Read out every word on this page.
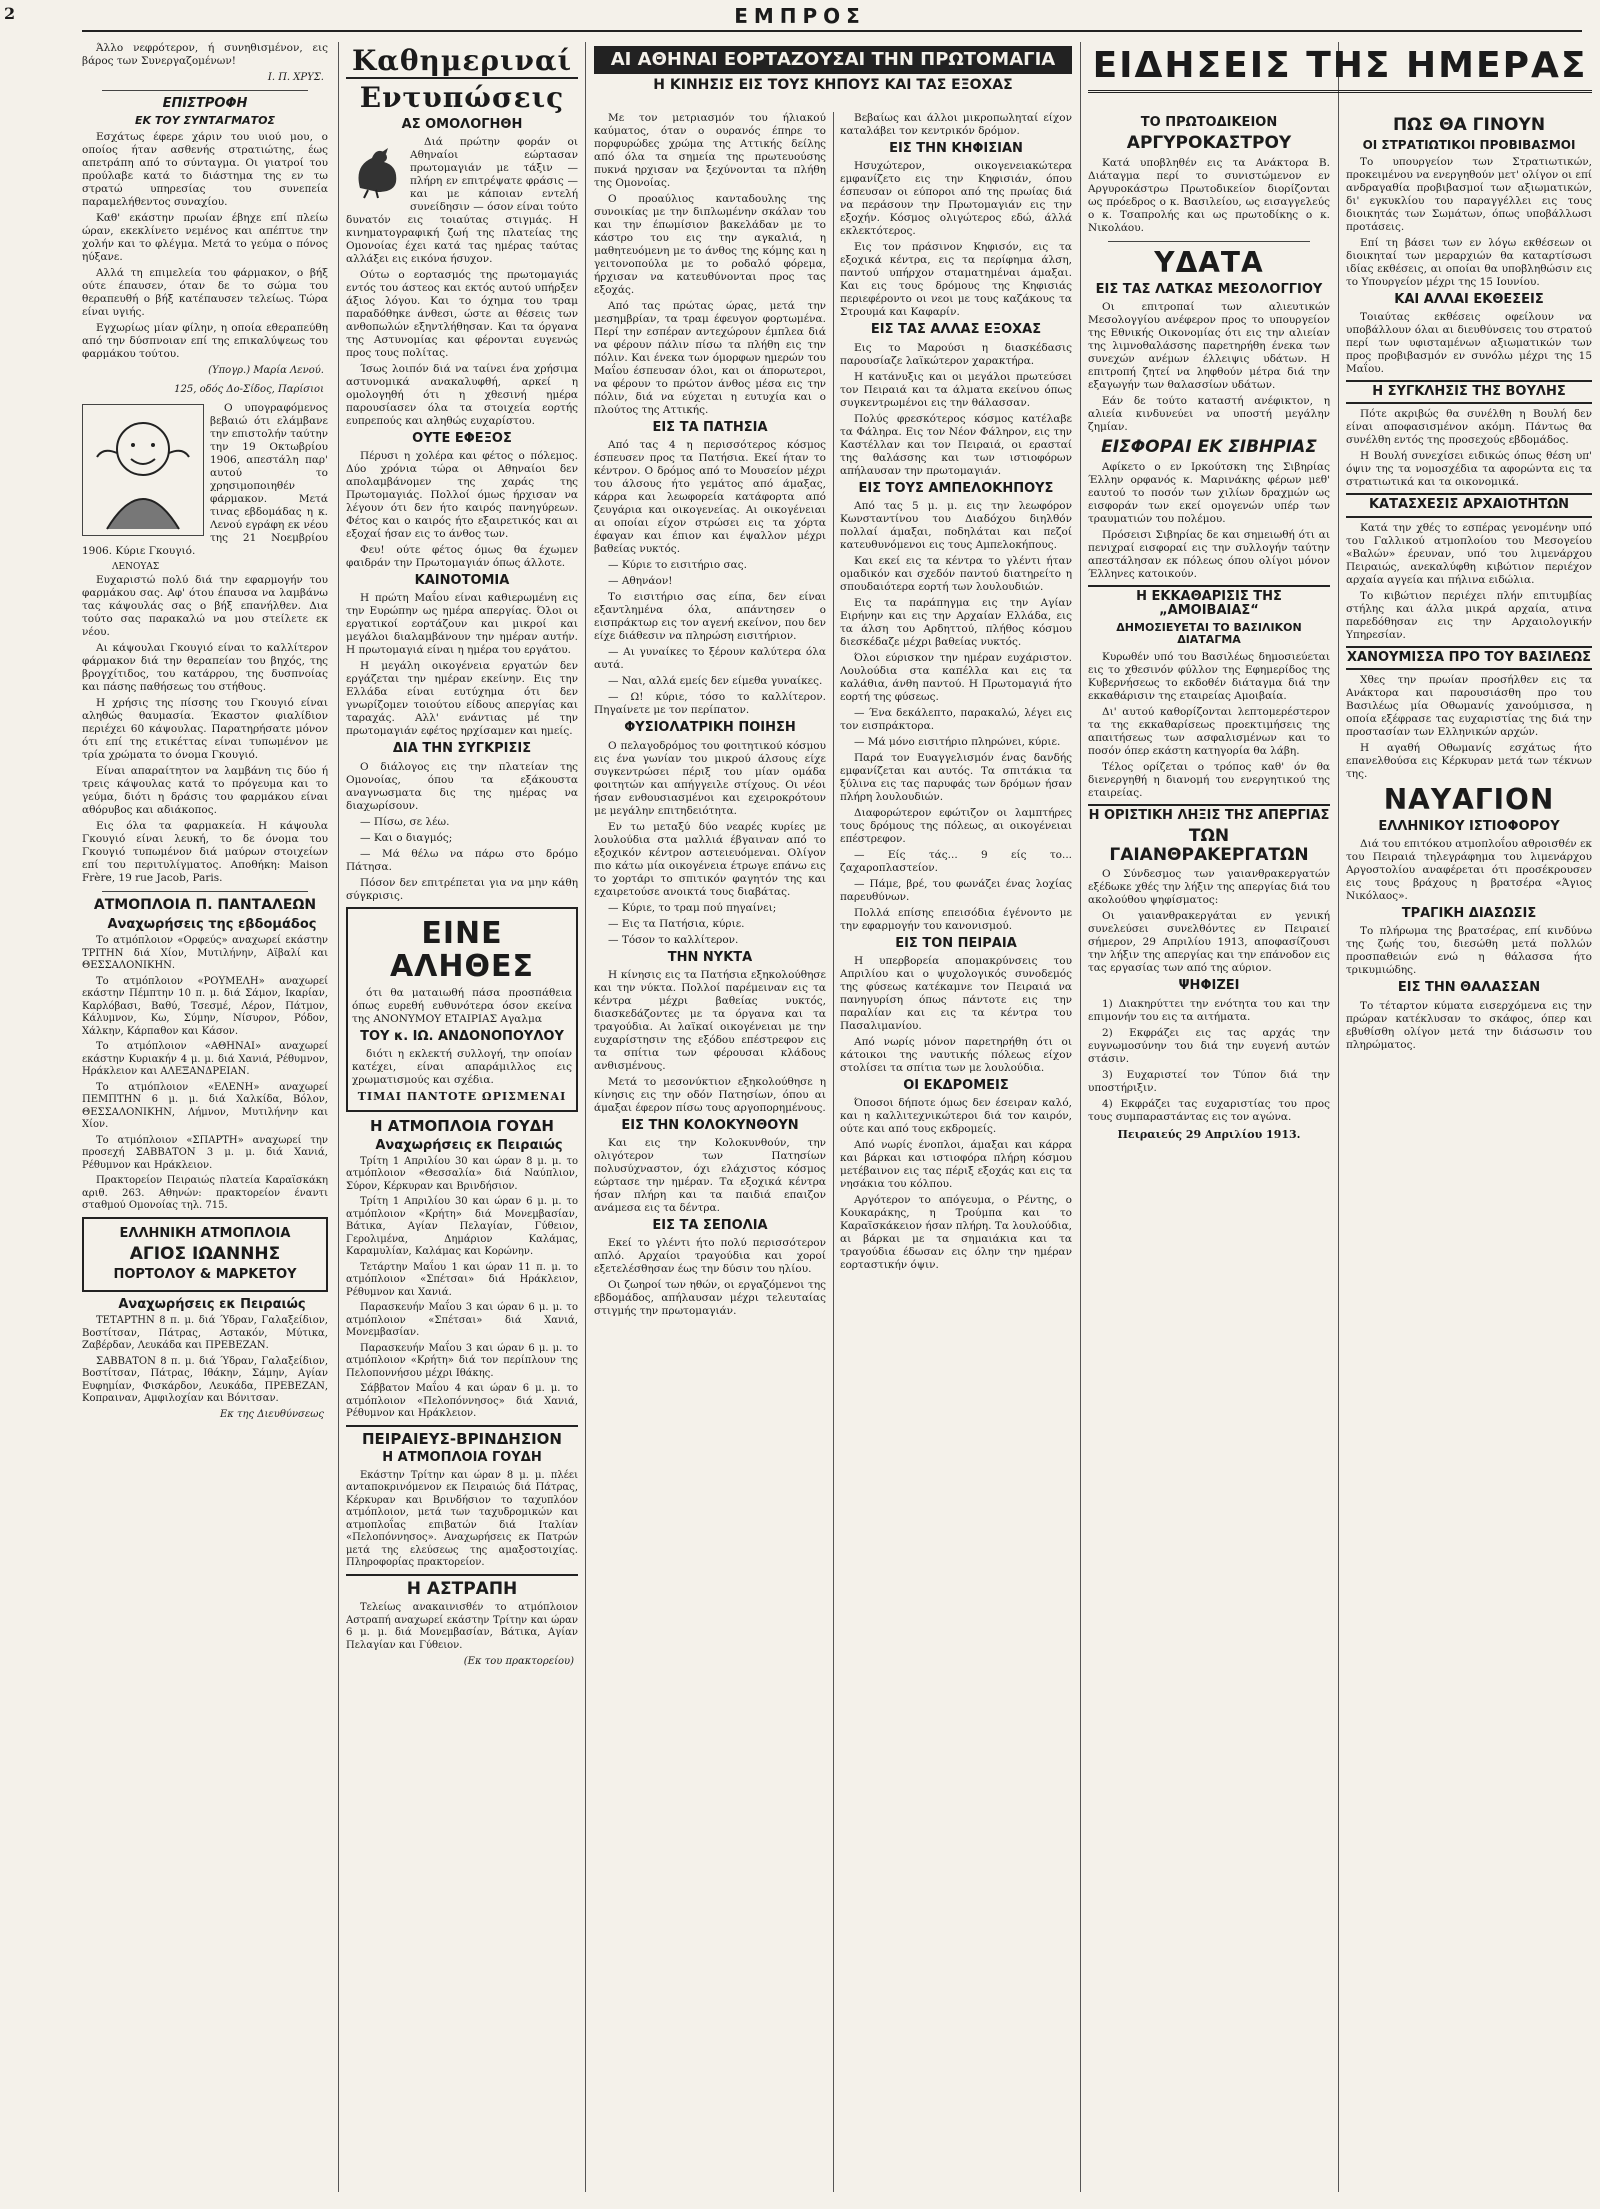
2	ΕΜΠΡΟΣ

Άλλο νεφρότερον, ή συνηθισμένον, εις βάρος των Συνεργαζομένων!

Ι. Π. ΧΡΥΣ.
ΕΠΙΣΤΡΟΦΗ
ΕΚ ΤΟΥ ΣΥΝΤΑΓΜΑΤΟΣ

Εσχάτως έφερε χάριν του υιού μου, ο οποίος ήταν ασθενής στρατιώτης, έως απετράπη από το σύνταγμα. Οι γιατροί του προύλαβε κατά το διάστημα της εν τω στρατώ υπηρεσίας του συνεπεία παραμελήθεντος συναχίου.

Καθ' εκάστην πρωίαν έβηχε επί πλείω ώραν, εκεκλίνετο νεμένος και απέπτυε την χολήν και το φλέγμα. Μετά το γεύμα ο πόνος ηύξανε.

Αλλά τη επιμελεία του φάρμακον, ο βήξ ούτε έπαυσεν, όταν δε το σώμα του θεραπευθή ο βήξ κατέπαυσεν τελείως. Τώρα είναι υγιής.

Εγχωρίως μίαν φίλην, η οποία εθεραπεύθη από την δύσπνοιαν επί της επικαλύψεως του φαρμάκου τούτου.

(Υπογρ.) Μαρία Λενού.
125, οδός Δο-Σίδος, Παρίσιοι

Ο υπογραφόμενος βεβαιώ ότι ελάμβανε την επιστολήν ταύτην την 19 Οκτωβρίου 1906, απεστάλη παρ' αυτού το χρησιμοποιηθέν φάρμακον. Μετά τινας εβδομάδας η κ. Λενού εγράφη εκ νέου της 21 Νοεμβρίου 1906. Κύριε Γκουγιό.

ΛΕΝΟΥΑΣ

Ευχαριστώ πολύ διά την εφαρμογήν του φαρμάκου σας. Αφ' ότου έπαυσα να λαμβάνω τας κάψουλάς σας ο βήξ επανήλθεν. Δια τούτο σας παρακαλώ να μου στείλετε εκ νέου.

Αι κάψουλαι Γκουγιό είναι το καλλίτερον φάρμακον διά την θεραπείαν του βηχός, της βρογχίτιδος, του κατάρρου, της δυσπνοίας και πάσης παθήσεως του στήθους.

Η χρήσις της πίσσης του Γκουγιό είναι αληθώς θαυμασία. Έκαστον φιαλίδιον περιέχει 60 κάψουλας. Παρατηρήσατε μόνον ότι επί της ετικέττας είναι τυπωμένον με τρία χρώματα το όνομα Γκουγιό.

Είναι απαραίτητον να λαμβάνη τις δύο ή τρεις κάψουλας κατά το πρόγευμα και το γεύμα, διότι η δράσις του φαρμάκου είναι αθόρυβος και αδιάκοπος.

Εις όλα τα φαρμακεία. Η κάψουλα Γκουγιό είναι λευκή, το δε όνομα του Γκουγιό τυπωμένον διά μαύρων στοιχείων επί του περιτυλίγματος. Αποθήκη: Maison Frère, 19 rue Jacob, Paris.

ΑΤΜΟΠΛΟΙΑ Π. ΠΑΝΤΑΛΕΩΝ

Αναχωρήσεις της εβδομάδος

Το ατμόπλοιον «Ορφεύς» αναχωρεί εκάστην ΤΡΙΤΗΝ διά Χίον, Μυτιλήνην, Αϊβαλί και ΘΕΣΣΑΛΟΝΙΚΗΝ.

Το ατμόπλοιον «ΡΟΥΜΕΛΗ» αναχωρεί εκάστην Πέμπτην 10 π. μ. διά Σάμον, Ικαρίαν, Καρλόβασι, Βαθύ, Τσεσμέ, Λέρον, Πάτμον, Κάλυμνον, Κω, Σύμην, Νίσυρον, Ρόδον, Χάλκην, Κάρπαθον και Κάσον.

Το ατμόπλοιον «ΑΘΗΝΑΙ» αναχωρεί εκάστην Κυριακήν 4 μ. μ. διά Χανιά, Ρέθυμνον, Ηράκλειον και ΑΛΕΞΑΝΔΡΕΙΑΝ.

Το ατμόπλοιον «ΕΛΕΝΗ» αναχωρεί ΠΕΜΠΤΗΝ 6 μ. μ. διά Χαλκίδα, Βόλον, ΘΕΣΣΑΛΟΝΙΚΗΝ, Λήμνον, Μυτιλήνην και Χίον.

Το ατμόπλοιον «ΣΠΑΡΤΗ» αναχωρεί την προσεχή ΣΑΒΒΑΤΟΝ 3 μ. μ. διά Χανιά, Ρέθυμνον και Ηράκλειον.

Πρακτορείον Πειραιώς πλατεία Καραϊσκάκη αριθ. 263. Αθηνών: πρακτορείον έναντι σταθμού Ομονοίας τηλ. 715.

ΕΛΛΗΝΙΚΗ ΑΤΜΟΠΛΟΙΑ
ΑΓΙΟΣ ΙΩΑΝΝΗΣ
ΠΟΡΤΟΛΟΥ & ΜΑΡΚΕΤΟΥ

Αναχωρήσεις εκ Πειραιώς

ΤΕΤΑΡΤΗΝ 8 π. μ. διά Ύδραν, Γαλαξείδιον, Βοστίτσαν, Πάτρας, Αστακόν, Μύτικα, Ζαβέρδαν, Λευκάδα και ΠΡΕΒΕΖΑΝ.

ΣΑΒΒΑΤΟΝ 8 π. μ. διά Ύδραν, Γαλαξείδιον, Βοστίτσαν, Πάτρας, Ιθάκην, Σάμην, Αγίαν Ευφημίαν, Φισκάρδον, Λευκάδα, ΠΡΕΒΕΖΑΝ, Κοπραιναν, Αμφιλοχίαν και Βόνιτσαν.

Εκ της Διευθύνσεως
Καθημεριναί
Εντυπώσεις
ΑΣ ΟΜΟΛΟΓΗΘΗ

Διά πρώτην φοράν οι Αθηναίοι εώρτασαν πρωτομαγιάν με τάξιν — πλήρη εν επιτρέψατε φράσις — και με κάποιαν εντελή συνείδησιν — όσον είναι τούτο δυνατόν εις τοιαύτας στιγμάς. Η κινηματογραφική ζωή της πλατείας της Ομονοίας έχει κατά τας ημέρας ταύτας αλλάξει εις εικόνα ήσυχον.

Ούτω ο εορτασμός της πρωτομαγιάς εντός του άστεος και εκτός αυτού υπήρξεν άξιος λόγου. Και το όχημα του τραμ παραδόθηκε άνθεσι, ώστε αι θέσεις των ανθοπωλών εξηντλήθησαν. Και τα όργανα της Αστυνομίας και φέρονται ευγενώς προς τους πολίτας.

Ίσως λοιπόν διά να ταίνει ένα χρήσιμα αστυνομικά ανακαλυφθή, αρκεί η ομολογηθή ότι η χθεσινή ημέρα παρουσίασεν όλα τα στοιχεία εορτής ευπρεπούς και αληθώς ευχαρίστου.

ΟΥΤΕ ΕΦΕΞΟΣ

Πέρυσι η χολέρα και φέτος ο πόλεμος. Δύο χρόνια τώρα οι Αθηναίοι δεν απολαμβάνομεν της χαράς της Πρωτομαγιάς. Πολλοί όμως ήρχισαν να λέγουν ότι δεν ήτο καιρός πανηγύρεων. Φέτος και ο καιρός ήτο εξαιρετικός και αι εξοχαί ήσαν εις το άνθος των.

Φευ! ούτε φέτος όμως θα έχωμεν φαιδράν την Πρωτομαγιάν όπως άλλοτε.

ΚΑΙΝΟΤΟΜΙΑ

Η πρώτη Μαΐου είναι καθιερωμένη εις την Ευρώπην ως ημέρα απεργίας. Όλοι οι εργατικοί εορτάζουν και μικροί και μεγάλοι διαλαμβάνουν την ημέραν αυτήν. Η πρωτομαγιά είναι η ημέρα του εργάτου.

Η μεγάλη οικογένεια εργατών δεν εργάζεται την ημέραν εκείνην. Εις την Ελλάδα είναι ευτύχημα ότι δεν γνωρίζομεν τοιούτου είδους απεργίας και ταραχάς. Αλλ' ενάντιας μέ την πρωτομαγιάν εφέτος ηρχίσαμεν και ημείς.

ΔΙΑ ΤΗΝ ΣΥΓΚΡΙΣΙΣ

Ο διάλογος εις την πλατείαν της Ομονοίας, όπου τα εξάκουστα αναγνωσματα δις της ημέρας να διαχωρίσουν.

— Πίσω, σε λέω.

— Και ο διαγμός;

— Μά θέλω να πάρω στο δρόμο Πάτησα.

Πόσον δεν επιτρέπεται για να μην κάθη σύγκρισις.

ΕΙΝΕ ΑΛΗΘΕΣ

ότι θα ματαιωθή πάσα προσπάθεια όπως ευρεθή ευθυνότερα όσον εκείνα της ΑΝΟΝΥΜΟΥ ΕΤΑΙΡΙΑΣ Αγαλμα

ΤΟΥ κ. ΙΩ. ΑΝΔΟΝΟΠΟΥΛΟΥ

διότι η εκλεκτή συλλογή, την οποίαν κατέχει, είναι απαράμιλλος εις χρωματισμούς και σχέδια.

ΤΙΜΑΙ ΠΑΝΤΟΤΕ ΩΡΙΣΜΕΝΑΙ
Η ΑΤΜΟΠΛΟΙΑ ΓΟΥΔΗ

Αναχωρήσεις εκ Πειραιώς

Τρίτη 1 Απριλίου 30 και ώραν 8 μ. μ. το ατμόπλοιον «Θεσσαλία» διά Ναύπλιον, Σύρον, Κέρκυραν και Βρινδήσιον.

Τρίτη 1 Απριλίου 30 και ώραν 6 μ. μ. το ατμόπλοιον «Κρήτη» διά Μονεμβασίαν, Βάτικα, Αγίαν Πελαγίαν, Γύθειον, Γερολιμένα, Δημάριον Καλάμας, Καραμυλίαν, Καλάμας και Κορώνην.

Τετάρτην Μαΐου 1 και ώραν 11 π. μ. το ατμόπλοιον «Σπέτσαι» διά Ηράκλειον, Ρέθυμνον και Χανιά.

Παρασκευήν Μαΐου 3 και ώραν 6 μ. μ. το ατμόπλοιον «Σπέτσαι» διά Χανιά, Μονεμβασίαν.

Παρασκευήν Μαΐου 3 και ώραν 6 μ. μ. το ατμόπλοιον «Κρήτη» διά τον περίπλουν της Πελοποννήσου μέχρι Ιθάκης.

Σάββατον Μαΐου 4 και ώραν 6 μ. μ. το ατμόπλοιον «Πελοπόννησος» διά Χανιά, Ρέθυμνον και Ηράκλειον.

ΠΕΙΡΑΙΕΥΣ-ΒΡΙΝΔΗΣΙΟΝ
Η ΑΤΜΟΠΛΟΙΑ ΓΟΥΔΗ

Εκάστην Τρίτην και ώραν 8 μ. μ. πλέει ανταποκρινόμενον εκ Πειραιώς διά Πάτρας, Κέρκυραν και Βρινδήσιον το ταχυπλόον ατμόπλοιον, μετά των ταχυδρομικών και ατμοπλοΐας επιβατών διά Ιταλίαν «Πελοπόννησος». Αναχωρήσεις εκ Πατρών μετά της ελεύσεως της αμαξοστοιχίας. Πληροφορίας πρακτορείον.

Η ΑΣΤΡΑΠΗ

Τελείως ανακαινισθέν το ατμόπλοιον Αστραπή αναχωρεί εκάστην Τρίτην και ώραν 6 μ. μ. διά Μονεμβασίαν, Βάτικα, Αγίαν Πελαγίαν και Γύθειον.

(Εκ του πρακτορείου)
ΑΙ ΑΘΗΝΑΙ ΕΟΡΤΑΖΟΥΣΑΙ ΤΗΝ ΠΡΩΤΟΜΑΓΙΑ
Η ΚΙΝΗΣΙΣ ΕΙΣ ΤΟΥΣ ΚΗΠΟΥΣ ΚΑΙ ΤΑΣ ΕΞΟΧΑΣ

Με τον μετριασμόν του ήλιακού καύματος, όταν ο ουρανός έπηρε το πορφυρώδες χρώμα της Αττικής δείλης από όλα τα σημεία της πρωτευούσης πυκνά ηρχισαν να ξεχύνονται τα πλήθη της Ομονοίας.

Ο προαύλιος κανταδουλης της συνοικίας με την διπλωμένην σκάλαν του και την έπωμίσιον βακελάδαν με το κάστρο του εις την αγκαλιά, η μαθητευόμενη με το άνθος της κόμης και η γειτονοπούλα με το ροδαλό φόρεμα, ήρχισαν να κατευθύνονται προς τας εξοχάς.

Από τας πρώτας ώρας, μετά την μεσημβρίαν, τα τραμ έφευγον φορτωμένα. Περί την εσπέραν αντεχώρουν έμπλεα διά να φέρουν πάλιν πίσω τα πλήθη εις την πόλιν. Και ένεκα των όμορφων ημερών του Μαΐου έσπευσαν όλοι, και οι άπορωτεροι, να φέρουν το πρώτον άνθος μέσα εις την πόλιν, διά να εύχεται η ευτυχία και ο πλούτος της Αττικής.

ΕΙΣ ΤΑ ΠΑΤΗΣΙΑ

Από τας 4 η περισσότερος κόσμος έσπευσεν προς τα Πατήσια. Εκεί ήταν το κέντρον. Ο δρόμος από το Μουσείον μέχρι του άλσους ήτο γεμάτος από άμαξας, κάρρα και λεωφορεία κατάφορτα από ζευγάρια και οικογενείας. Αι οικογένειαι αι οποίαι είχον στρώσει εις τα χόρτα έφαγαν και έπιον και έψαλλον μέχρι βαθείας νυκτός.

— Κύριε το εισιτήριο σας.

— Αθηνάον!

Το εισιτήριο σας είπα, δεν είναι εξαντλημένα όλα, απάντησεν ο εισπράκτωρ εις τον αγενή εκείνον, που δεν είχε διάθεσιν να πληρώση εισιτήριον.

— Αι γυναίκες το ξέρουν καλύτερα όλα αυτά.

— Ναι, αλλά εμείς δεν είμεθα γυναίκες.

— Ω! κύριε, τόσο το καλλίτερον. Πηγαίνετε με τον περίπατον.

ΦΥΣΙΟΛΑΤΡΙΚΗ ΠΟΙΗΣΗ

Ο πελαγοδρόμος του φοιτητικού κόσμου εις ένα γωνίαν του μικρού άλσους είχε συγκεντρώσει πέριξ του μίαν ομάδα φοιτητών και απήγγειλε στίχους. Οι νέοι ήσαν ενθουσιασμένοι και εχειροκρότουν με μεγάλην επιτηδειότητα.

Εν τω μεταξύ δύο νεαρές κυρίες με λουλούδια στα μαλλιά έβγαιναν από το εξοχικόν κέντρον αστειευόμεναι. Ολίγον πιο κάτω μία οικογένεια έτρωγε επάνω εις το χορτάρι το σπιτικόν φαγητόν της και εχαιρετούσε ανοικτά τους διαβάτας.

— Κύριε, το τραμ πού πηγαίνει;

— Εις τα Πατήσια, κύριε.

— Τόσον το καλλίτερον.

ΤΗΝ ΝΥΚΤΑ

Η κίνησις εις τα Πατήσια εξηκολούθησε και την νύκτα. Πολλοί παρέμειναν εις τα κέντρα μέχρι βαθείας νυκτός, διασκεδάζοντες με τα όργανα και τα τραγούδια. Αι λαϊκαί οικογένειαι με την ευχαρίστησιν της εξόδου επέστρεφον εις τα σπίτια των φέρουσαι κλάδους ανθισμένους.

Μετά το μεσονύκτιον εξηκολούθησε η κίνησις εις την οδόν Πατησίων, όπου αι άμαξαι έφερον πίσω τους αργοπορημένους.

ΕΙΣ ΤΗΝ ΚΟΛΟΚΥΝΘΟΥΝ

Και εις την Κολοκυνθούν, την ολιγότερον των Πατησίων πολυσύχναστον, όχι ελάχιστος κόσμος εώρτασε την ημέραν. Τα εξοχικά κέντρα ήσαν πλήρη και τα παιδιά επαιζον ανάμεσα εις τα δέντρα.

ΕΙΣ ΤΑ ΣΕΠΟΛΙΑ

Εκεί το γλέντι ήτο πολύ περισσότερον απλό. Αρχαίοι τραγούδια και χοροί εξετελέσθησαν έως την δύσιν του ηλίου.

Οι ζωηροί των ηθών, οι εργαζόμενοι της εβδομάδος, απήλαυσαν μέχρι τελευταίας στιγμής την πρωτομαγιάν.

Βεβαίως και άλλοι μικροπωληταί είχον καταλάβει τον κεντρικόν δρόμον.

ΕΙΣ ΤΗΝ ΚΗΦΙΣΙΑΝ

Ησυχώτερον, οικογενειακώτερα εμφανίζετο εις την Κηφισιάν, όπου έσπευσαν οι εύποροι από της πρωίας διά να περάσουν την Πρωτομαγιάν εις την εξοχήν. Κόσμος ολιγώτερος εδώ, άλλά εκλεκτότερος.

Εις τον πράσινον Κηφισόν, εις τα εξοχικά κέντρα, εις τα περίφημα άλση, παντού υπήρχον σταματημέναι άμαξαι. Και εις τους δρόμους της Κηφισιάς περιεφέροντο οι νεοι με τους καζάκους τα Στρουμά και Καφαρίν.

ΕΙΣ ΤΑΣ ΑΛΛΑΣ ΕΞΟΧΑΣ

Εις το Μαρούσι η διασκέδασις παρουσίαζε λαϊκώτερον χαρακτήρα.

Η κατάνυξις και οι μεγάλοι πρωτεύσει τον Πειραιά και τα άλματα εκείνου όπως συγκεντρωμένοι εις την θάλασσαν.

Πολύς φρεσκότερος κόσμος κατέλαβε τα Φάληρα. Εις τον Νέον Φάληρον, εις την Καστέλλαν και τον Πειραιά, οι ερασταί της θαλάσσης και των ιστιοφόρων απήλαυσαν την πρωτομαγιάν.

ΕΙΣ ΤΟΥΣ ΑΜΠΕΛΟΚΗΠΟΥΣ

Από τας 5 μ. μ. εις την λεωφόρον Κωνσταντίνου του Διαδόχου διηλθόν πολλαί άμαξαι, ποδηλάται και πεζοί κατευθυνόμενοι εις τους Αμπελοκήπους.

Και εκεί εις τα κέντρα το γλέντι ήταν ομαδικόν και σχεδόν παντού διατηρείτο η σπουδαιότερα εορτή των λουλουδιών.

Εις τα παράπηγμα εις την Αγίαν Ειρήνην και εις την Αρχαίαν Ελλάδα, εις τα άλση του Αρδηττού, πλήθος κόσμου διεσκέδαζε μέχρι βαθείας νυκτός.

Όλοι εύρισκον την ημέραν ευχάριστον. Λουλούδια στα καπέλλα και εις τα καλάθια, άνθη παντού. Η Πρωτομαγιά ήτο εορτή της φύσεως.

— Ένα δεκάλεπτο, παρακαλώ, λέγει εις τον εισπράκτορα.

— Μά μόνο εισιτήριο πληρώνει, κύριε.

Παρά τον Ευαγγελισμόν ένας δανδής εμφανίζεται και αυτός. Τα σπιτάκια τα ξύλινα εις τας παρυφάς των δρόμων ήσαν πλήρη λουλουδιών.

Διαφορώτερον εφώτιζον οι λαμπτήρες τους δρόμους της πόλεως, αι οικογένειαι επέστρεφον.

— Είς τάς... 9 είς το... ζαχαροπλαστείον.

— Πάμε, βρέ, του φωνάζει ένας λοχίας παρευθύνων.

Πολλά επίσης επεισόδια έγένοντο με την εφαρμογήν του κανονισμού.

ΕΙΣ ΤΟΝ ΠΕΙΡΑΙΑ

Η υπερβορεία απομακρύνσεις του Απριλίου και ο ψυχολογικός συνοδεμός της φύσεως κατέκαμνε τον Πειραιά να πανηγυρίση όπως πάντοτε εις την παραλίαν και εις τα κέντρα του Πασαλιμανίου.

Από νωρίς μόνον παρετηρήθη ότι οι κάτοικοι της ναυτικής πόλεως είχον στολίσει τα σπίτια των με λουλούδια.

ΟΙ ΕΚΔΡΟΜΕΙΣ

Όποσοι δήποτε όμως δεν έσειραν καλό, και η καλλιτεχνικώτεροι διά τον καιρόν, ούτε και από τους εκδρομείς.

Από νωρίς ένοπλοι, άμαξαι και κάρρα και βάρκαι και ιστιοφόρα πλήρη κόσμου μετέβαινον εις τας πέριξ εξοχάς και εις τα νησάκια του κόλπου.

Αργότερον το απόγευμα, ο Ρέντης, ο Κουκαράκης, η Τρούμπα και το Καραϊσκάκειον ήσαν πλήρη. Τα λουλούδια, αι βάρκαι με τα σημαιάκια και τα τραγούδια έδωσαν εις όλην την ημέραν εορταστικήν όψιν.

ΕΙΔΗΣΕΙΣ ΤΗΣ ΗΜΕΡΑΣ
ΤΟ ΠΡΩΤΟΔΙΚΕΙΟΝ
ΑΡΓΥΡΟΚΑΣΤΡΟΥ

Κατά υποβληθέν εις τα Ανάκτορα Β. Διάταγμα περί το συνιστώμενον εν Αργυροκάστρω Πρωτοδικείον διορίζονται ως πρόεδρος ο κ. Βασιλείου, ως εισαγγελεύς ο κ. Τσαπρολής και ως πρωτοδίκης ο κ. Νικολάου.

ΥΔΑΤΑ
ΕΙΣ ΤΑΣ ΛΑΤΚΑΣ ΜΕΣΟΛΟΓΓΙΟΥ

Οι επιτροπαί των αλιευτικών Μεσολογγίου ανέφερον προς το υπουργείον της Εθνικής Οικονομίας ότι εις την αλιείαν της λιμνοθαλάσσης παρετηρήθη ένεκα των συνεχών ανέμων έλλειψις υδάτων. Η επιτροπή ζητεί να ληφθούν μέτρα διά την εξαγωγήν των θαλασσίων υδάτων.

Εάν δε τούτο καταστή ανέφικτον, η αλιεία κινδυνεύει να υποστή μεγάλην ζημίαν.

ΕΙΣΦΟΡΑΙ ΕΚ ΣΙΒΗΡΙΑΣ

Αφίκετο ο εν Ιρκούτσκη της Σιβηρίας Έλλην ορφανός κ. Μαρινάκης φέρων μεθ' εαυτού το ποσόν των χιλίων δραχμών ως εισφοράν των εκεί ομογενών υπέρ των τραυματιών του πολέμου.

Πρόσεισι Σιβηρίας δε και σημειωθή ότι αι πενιχραί εισφοραί εις την συλλογήν ταύτην απεστάλησαν εκ πόλεως όπου ολίγοι μόνον Έλληνες κατοικούν.

Η ΕΚΚΑΘΑΡΙΣΙΣ ΤΗΣ „ΑΜΟΙΒΑΙΑΣ“
ΔΗΜΟΣΙΕΥΕΤΑΙ ΤΟ ΒΑΣΙΛΙΚΟΝ ΔΙΑΤΑΓΜΑ

Κυρωθέν υπό του Βασιλέως δημοσιεύεται εις το χθεσινόν φύλλον της Εφημερίδος της Κυβερνήσεως το εκδοθέν διάταγμα διά την εκκαθάρισιν της εταιρείας Αμοιβαία.

Δι' αυτού καθορίζονται λεπτομερέστερον τα της εκκαθαρίσεως προεκτιμήσεις της απαιτήσεως των ασφαλισμένων και το ποσόν όπερ εκάστη κατηγορία θα λάβη.

Τέλος ορίζεται ο τρόπος καθ' όν θα διενεργηθή η διανομή του ενεργητικού της εταιρείας.

Η ΟΡΙΣΤΙΚΗ ΛΗΞΙΣ ΤΗΣ ΑΠΕΡΓΙΑΣ
ΤΩΝ ΓΑΙΑΝΘΡΑΚΕΡΓΑΤΩΝ

Ο Σύνδεσμος των γαιανθρακεργατών εξέδωκε χθές την λήξιν της απεργίας διά του ακολούθου ψηφίσματος:

Οι γαιανθρακεργάται εν γενική συνελεύσει συνελθόντες εν Πειραιεί σήμερον, 29 Απριλίου 1913, αποφασίζουσι την λήξιν της απεργίας και την επάνοδον εις τας εργασίας των από της αύριον.

ΨΗΦΙΖΕΙ

1) Διακηρύττει την ενότητα του και την επιμονήν του εις τα αιτήματα.

2) Εκφράζει εις τας αρχάς την ευγνωμοσύνην του διά την ευγενή αυτών στάσιν.

3) Ευχαριστεί τον Τύπον διά την υποστήριξιν.

4) Εκφράζει τας ευχαριστίας του προς τους συμπαραστάντας εις τον αγώνα.

Πειραιεύς 29 Απριλίου 1913.
ΠΩΣ ΘΑ ΓΙΝΟΥΝ
ΟΙ ΣΤΡΑΤΙΩΤΙΚΟΙ ΠΡΟΒΙΒΑΣΜΟΙ

Το υπουργείον των Στρατιωτικών, προκειμένου να ενεργηθούν μετ' ολίγον οι επί ανδραγαθία προβιβασμοί των αξιωματικών, δι' εγκυκλίου του παραγγέλλει εις τους διοικητάς των Σωμάτων, όπως υποβάλλωσι προτάσεις.

Επί τη βάσει των εν λόγω εκθέσεων οι διοικηταί των μεραρχιών θα καταρτίσωσι ιδίας εκθέσεις, αι οποίαι θα υποβληθώσιν εις το Υπουργείον μέχρι της 15 Ιουνίου.

ΚΑΙ ΑΛΛΑΙ ΕΚΘΕΣΕΙΣ

Τοιαύτας εκθέσεις οφείλουν να υποβάλλουν όλαι αι διευθύνσεις του στρατού περί των υφισταμένων αξιωματικών των προς προβιβασμόν εν συνόλω μέχρι της 15 Μαΐου.

Η ΣΥΓΚΛΗΣΙΣ ΤΗΣ ΒΟΥΛΗΣ

Πότε ακριβώς θα συνέλθη η Βουλή δεν είναι αποφασισμένον ακόμη. Πάντως θα συνέλθη εντός της προσεχούς εβδομάδος.

Η Βουλή συνεχίσει ειδικώς όπως θέση υπ' όψιν της τα νομοσχέδια τα αφορώντα εις τα στρατιωτικά και τα οικονομικά.

ΚΑΤΑΣΧΕΣΙΣ ΑΡΧΑΙΟΤΗΤΩΝ

Κατά την χθές το εσπέρας γενομένην υπό του Γαλλικού ατμοπλοίου του Μεσογείου «Βαλών» έρευναν, υπό του λιμενάρχου Πειραιώς, ανεκαλύφθη κιβώτιον περιέχον αρχαία αγγεία και πήλινα ειδώλια.

Το κιβώτιον περιέχει πλήν επιτυμβίας στήλης και άλλα μικρά αρχαία, ατινα παρεδόθησαν εις την Αρχαιολογικήν Υπηρεσίαν.

ΧΑΝΟΥΜΙΣΣΑ ΠΡΟ ΤΟΥ ΒΑΣΙΛΕΩΣ

Χθες την πρωίαν προσήλθεν εις τα Ανάκτορα και παρουσιάσθη προ του Βασιλέως μία Οθωμανίς χανούμισσα, η οποία εξέφρασε τας ευχαριστίας της διά την προστασίαν των Ελληνικών αρχών.

Η αγαθή Οθωμανίς εσχάτως ήτο επανελθούσα εις Κέρκυραν μετά των τέκνων της.

ΝΑΥΑΓΙΟΝ
ΕΛΛΗΝΙΚΟΥ ΙΣΤΙΟΦΟΡΟΥ

Διά του επιτόκου ατμοπλοΐου αθροισθέν εκ του Πειραιά τηλεγράφημα του λιμενάρχου Αργοστολίου αναφέρεται ότι προσέκρουσεν εις τους βράχους η βρατσέρα «Άγιος Νικόλαος».

ΤΡΑΓΙΚΗ ΔΙΑΣΩΣΙΣ

Το πλήρωμα της βρατσέρας, επί κινδύνω της ζωής του, διεσώθη μετά πολλών προσπαθειών ενώ η θάλασσα ήτο τρικυμιώδης.

ΕΙΣ ΤΗΝ ΘΑΛΑΣΣΑΝ

Το τέταρτον κύματα εισερχόμενα εις την πρώραν κατέκλυσαν το σκάφος, όπερ και εβυθίσθη ολίγον μετά την διάσωσιν του πληρώματος.
